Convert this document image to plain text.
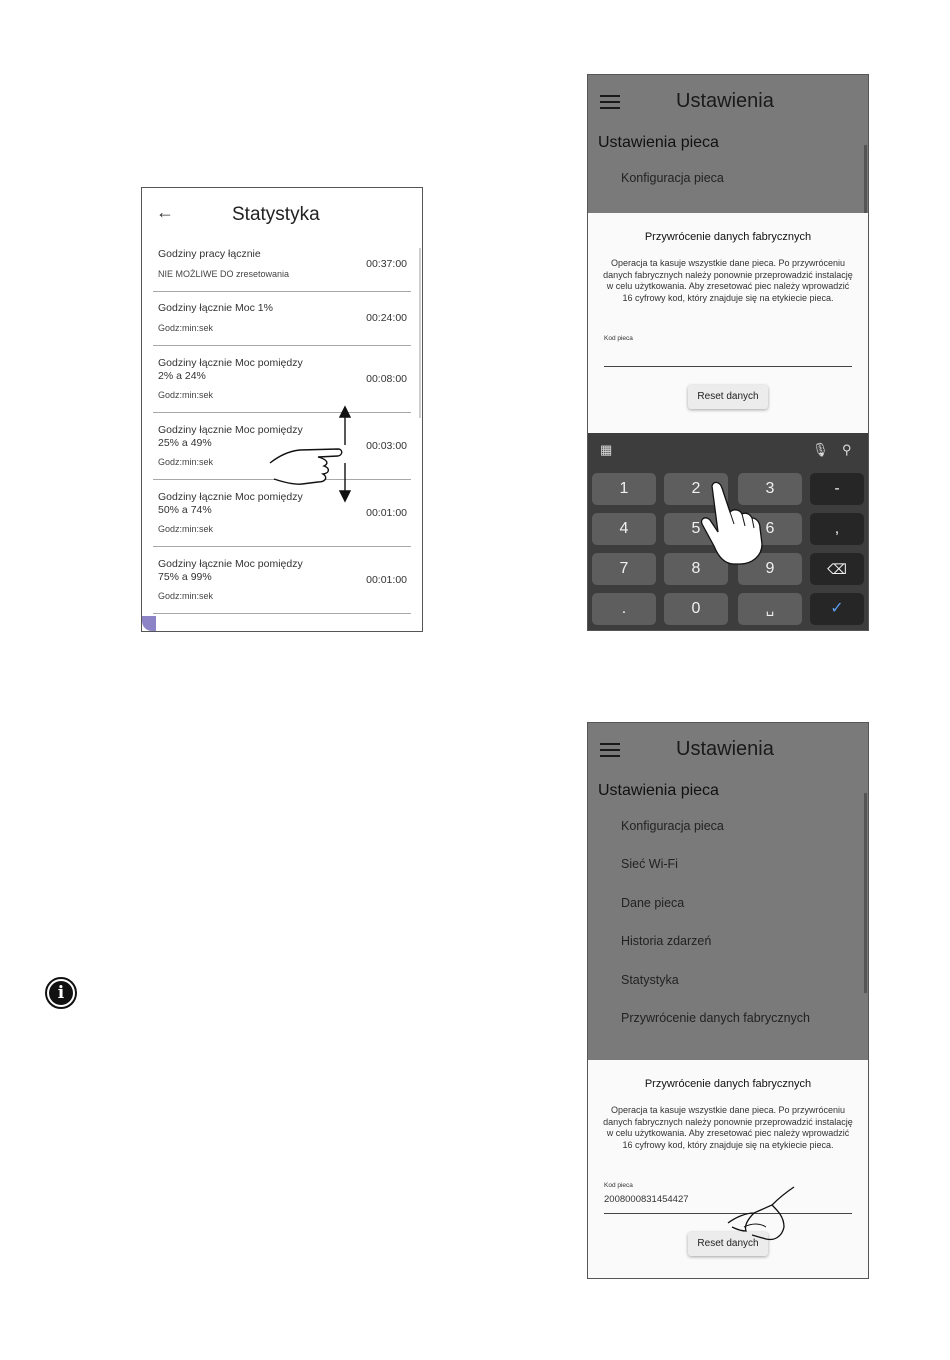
←	Statystyka
Godziny pracy łącznie
NIE MOŻLIWE DO zresetowania
00:37:00
Godziny łącznie Moc 1%
Godz:min:sek
00:24:00
Godziny łącznie Moc pomiędzy
2% a 24%
Godz:min:sek
00:08:00
Godziny łącznie Moc pomiędzy
25% a 49%
Godz:min:sek
00:03:00
Godziny łącznie Moc pomiędzy
50% a 74%
Godz:min:sek
00:01:00
Godziny łącznie Moc pomiędzy
75% a 99%
Godz:min:sek
00:01:00
Ustawienia
Ustawienia pieca
Konfiguracja pieca
Przywrócenie danych fabrycznych
Operacja ta kasuje wszystkie dane pieca. Po przywróceniu danych fabrycznych należy ponownie przeprowadzić instalację w celu użytkowania. Aby zresetować piec należy wprowadzić 16 cyfrowy kod, który znajduje się na etykiecie pieca.
Kod pieca
Reset danych
▦	🎙 ⚲
1	2	3	-
4	5	6	,
7	8	9	⌫
.	0	␣	✓
i
Ustawienia
Ustawienia pieca
Konfiguracja pieca
Sieć Wi-Fi
Dane pieca
Historia zdarzeń
Statystyka
Przywrócenie danych fabrycznych
Przywrócenie danych fabrycznych
Operacja ta kasuje wszystkie dane pieca. Po przywróceniu danych fabrycznych należy ponownie przeprowadzić instalację w celu użytkowania. Aby zresetować piec należy wprowadzić 16 cyfrowy kod, który znajduje się na etykiecie pieca.
Kod pieca
2008000831454427
Reset danych
